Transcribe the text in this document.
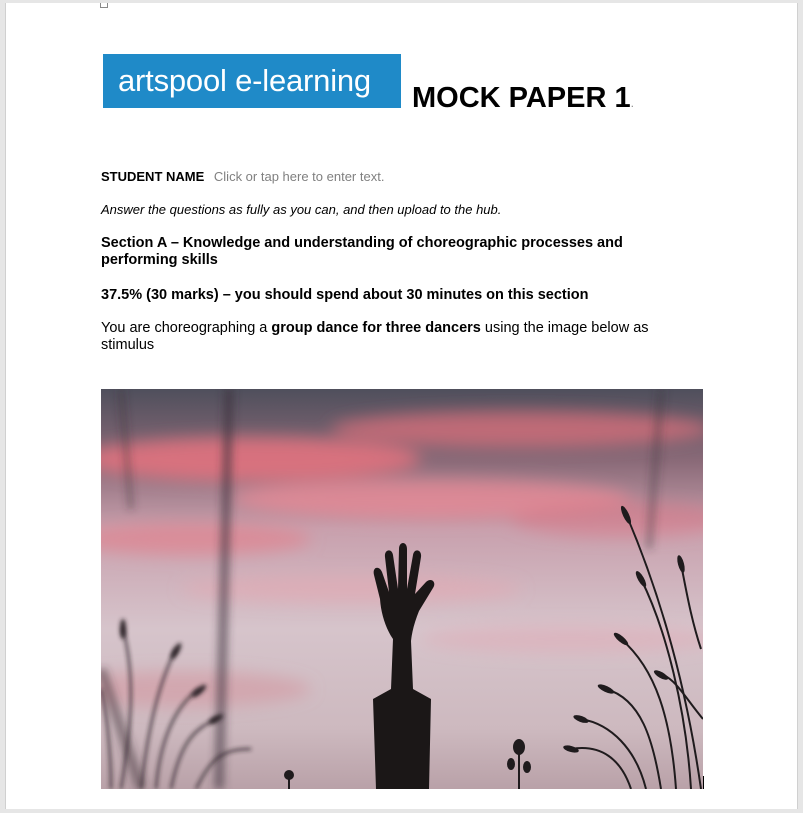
artspool e-learning	MOCK PAPER 1.
STUDENT NAME Click or tap here to enter text.
Answer the questions as fully as you can, and then upload to the hub.
Section A – Knowledge and understanding of choreographic processes and performing skills
37.5% (30 marks) – you should spend about 30 minutes on this section
You are choreographing a group dance for three dancers using the image below as stimulus
